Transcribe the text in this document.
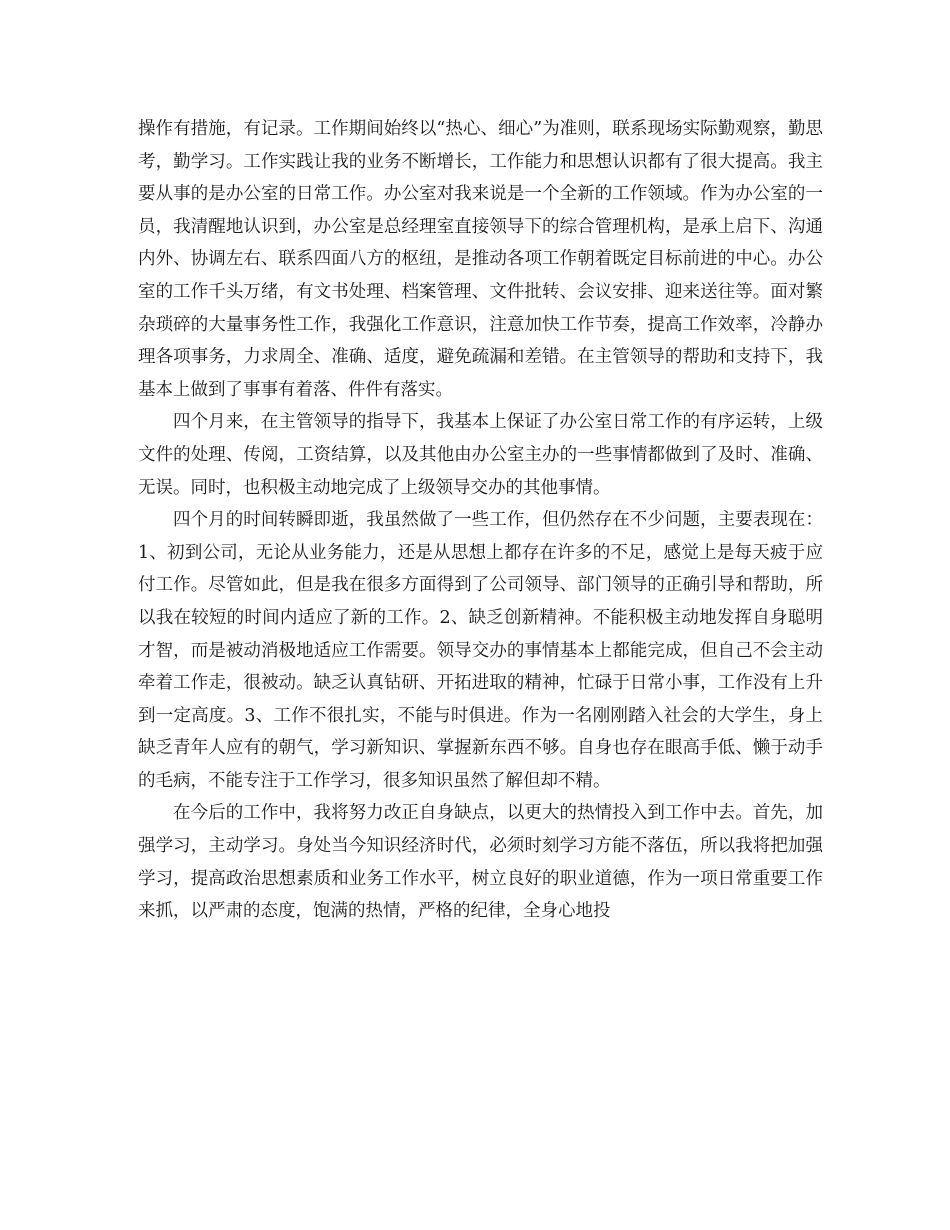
操作有措施，有记录。工作期间始终以“热心、细心”为准则，联系现场实际勤观察，勤思考，勤学习。工作实践让我的业务不断增长，工作能力和思想认识都有了很大提高。我主要从事的是办公室的日常工作。办公室对我来说是一个全新的工作领域。作为办公室的一员，我清醒地认识到，办公室是总经理室直接领导下的综合管理机构，是承上启下、沟通内外、协调左右、联系四面八方的枢纽，是推动各项工作朝着既定目标前进的中心。办公室的工作千头万绪，有文书处理、档案管理、文件批转、会议安排、迎来送往等。面对繁杂琐碎的大量事务性工作，我强化工作意识，注意加快工作节奏，提高工作效率，冷静办理各项事务，力求周全、准确、适度，避免疏漏和差错。在主管领导的帮助和支持下，我基本上做到了事事有着落、件件有落实。

四个月来，在主管领导的指导下，我基本上保证了办公室日常工作的有序运转，上级文件的处理、传阅，工资结算，以及其他由办公室主办的一些事情都做到了及时、准确、无误。同时，也积极主动地完成了上级领导交办的其他事情。

四个月的时间转瞬即逝，我虽然做了一些工作，但仍然存在不少问题，主要表现在：1、初到公司，无论从业务能力，还是从思想上都存在许多的不足，感觉上是每天疲于应付工作。尽管如此，但是我在很多方面得到了公司领导、部门领导的正确引导和帮助，所以我在较短的时间内适应了新的工作。2、缺乏创新精神。不能积极主动地发挥自身聪明才智，而是被动消极地适应工作需要。领导交办的事情基本上都能完成，但自己不会主动牵着工作走，很被动。缺乏认真钻研、开拓进取的精神，忙碌于日常小事，工作没有上升到一定高度。3、工作不很扎实，不能与时俱进。作为一名刚刚踏入社会的大学生，身上缺乏青年人应有的朝气，学习新知识、掌握新东西不够。自身也存在眼高手低、懒于动手的毛病，不能专注于工作学习，很多知识虽然了解但却不精。

在今后的工作中，我将努力改正自身缺点，以更大的热情投入到工作中去。首先，加强学习，主动学习。身处当今知识经济时代，必须时刻学习方能不落伍，所以我将把加强学习，提高政治思想素质和业务工作水平，树立良好的职业道德，作为一项日常重要工作来抓，以严肃的态度，饱满的热情，严格的纪律，全身心地投
